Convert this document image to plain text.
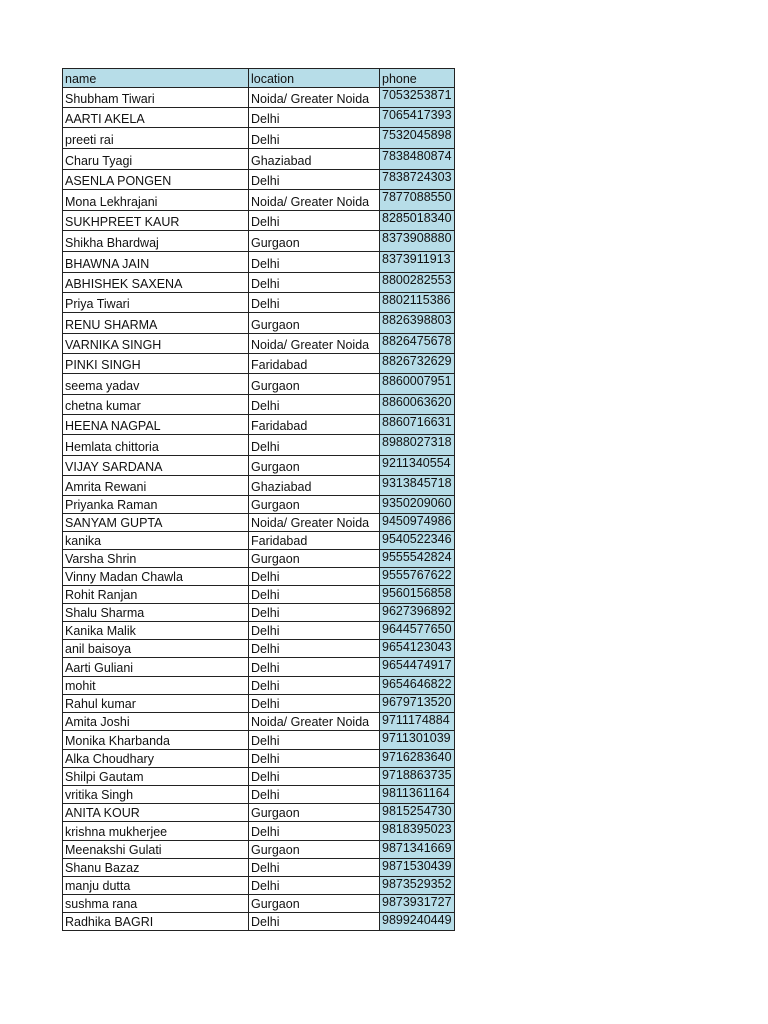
name	location	phone
Shubham Tiwari	Noida/ Greater Noida	7053253871
AARTI AKELA	Delhi	7065417393
preeti rai	Delhi	7532045898
Charu Tyagi	Ghaziabad	7838480874
ASENLA PONGEN	Delhi	7838724303
Mona Lekhrajani	Noida/ Greater Noida	7877088550
SUKHPREET KAUR	Delhi	8285018340
Shikha Bhardwaj	Gurgaon	8373908880
BHAWNA JAIN	Delhi	8373911913
ABHISHEK SAXENA	Delhi	8800282553
Priya Tiwari	Delhi	8802115386
RENU SHARMA	Gurgaon	8826398803
VARNIKA SINGH	Noida/ Greater Noida	8826475678
PINKI SINGH	Faridabad	8826732629
seema yadav	Gurgaon	8860007951
chetna kumar	Delhi	8860063620
HEENA NAGPAL	Faridabad	8860716631
Hemlata chittoria	Delhi	8988027318
VIJAY SARDANA	Gurgaon	9211340554
Amrita Rewani	Ghaziabad	9313845718
Priyanka Raman	Gurgaon	9350209060
SANYAM GUPTA	Noida/ Greater Noida	9450974986
kanika	Faridabad	9540522346
Varsha Shrin	Gurgaon	9555542824
Vinny Madan Chawla	Delhi	9555767622
Rohit Ranjan	Delhi	9560156858
Shalu Sharma	Delhi	9627396892
Kanika Malik	Delhi	9644577650
anil baisoya	Delhi	9654123043
Aarti Guliani	Delhi	9654474917
mohit	Delhi	9654646822
Rahul kumar	Delhi	9679713520
Amita Joshi	Noida/ Greater Noida	9711174884
Monika Kharbanda	Delhi	9711301039
Alka Choudhary	Delhi	9716283640
Shilpi Gautam	Delhi	9718863735
vritika Singh	Delhi	9811361164
ANITA KOUR	Gurgaon	9815254730
krishna mukherjee	Delhi	9818395023
Meenakshi Gulati	Gurgaon	9871341669
Shanu Bazaz	Delhi	9871530439
manju dutta	Delhi	9873529352
sushma rana	Gurgaon	9873931727
Radhika BAGRI	Delhi	9899240449
